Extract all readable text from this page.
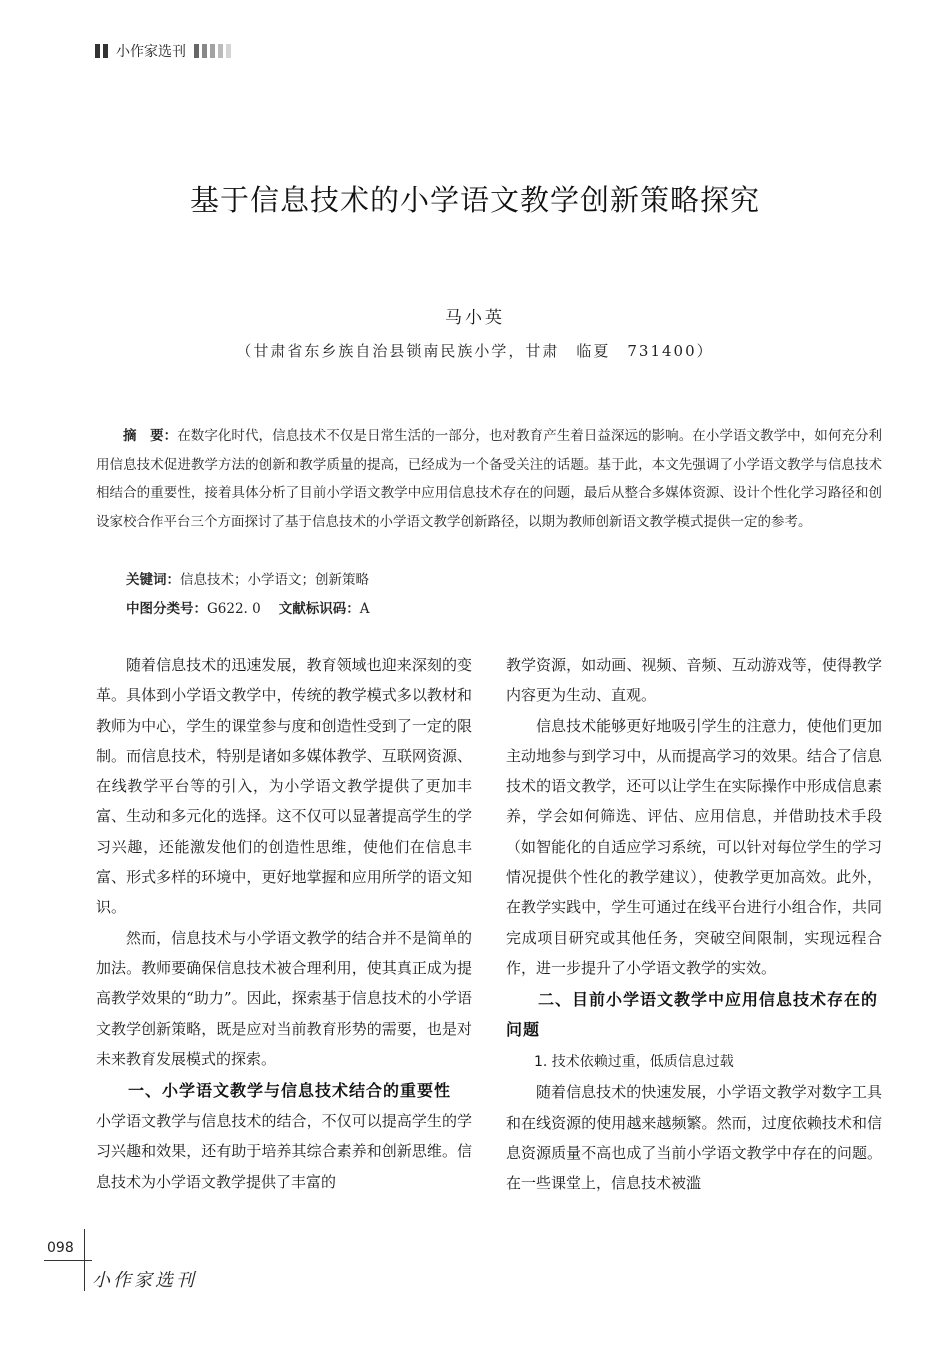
小作家选刊
基于信息技术的小学语文教学创新策略探究
马小英
（甘肃省东乡族自治县锁南民族小学，甘肃　临夏　731400）

摘　要：在数字化时代，信息技术不仅是日常生活的一部分，也对教育产生着日益深远的影响。在小学语文教学中，如何充分利用信息技术促进教学方法的创新和教学质量的提高，已经成为一个备受关注的话题。基于此，本文先强调了小学语文教学与信息技术相结合的重要性，接着具体分析了目前小学语文教学中应用信息技术存在的问题，最后从整合多媒体资源、设计个性化学习路径和创设家校合作平台三个方面探讨了基于信息技术的小学语文教学创新路径，以期为教师创新语文教学模式提供一定的参考。

关键词：信息技术；小学语文；创新策略
中图分类号：G622. 0 文献标识码：A

随着信息技术的迅速发展，教育领域也迎来深刻的变革。具体到小学语文教学中，传统的教学模式多以教材和教师为中心，学生的课堂参与度和创造性受到了一定的限制。而信息技术，特别是诸如多媒体教学、互联网资源、在线教学平台等的引入，为小学语文教学提供了更加丰富、生动和多元化的选择。这不仅可以显著提高学生的学习兴趣，还能激发他们的创造性思维，使他们在信息丰富、形式多样的环境中，更好地掌握和应用所学的语文知识。

然而，信息技术与小学语文教学的结合并不是简单的加法。教师要确保信息技术被合理利用，使其真正成为提高教学效果的“助力”。因此，探索基于信息技术的小学语文教学创新策略，既是应对当前教育形势的需要，也是对未来教育发展模式的探索。

一、小学语文教学与信息技术结合的重要性

小学语文教学与信息技术的结合，不仅可以提高学生的学习兴趣和效果，还有助于培养其综合素养和创新思维。信息技术为小学语文教学提供了丰富的

教学资源，如动画、视频、音频、互动游戏等，使得教学内容更为生动、直观。

信息技术能够更好地吸引学生的注意力，使他们更加主动地参与到学习中，从而提高学习的效果。结合了信息技术的语文教学，还可以让学生在实际操作中形成信息素养，学会如何筛选、评估、应用信息，并借助技术手段（如智能化的自适应学习系统，可以针对每位学生的学习情况提供个性化的教学建议），使教学更加高效。此外，在教学实践中，学生可通过在线平台进行小组合作，共同完成项目研究或其他任务，突破空间限制，实现远程合作，进一步提升了小学语文教学的实效。

二、目前小学语文教学中应用信息技术存在的问题
1. 技术依赖过重，低质信息过载

随着信息技术的快速发展，小学语文教学对数字工具和在线资源的使用越来越频繁。然而，过度依赖技术和信息资源质量不高也成了当前小学语文教学中存在的问题。在一些课堂上，信息技术被滥

098
小作家选刊
